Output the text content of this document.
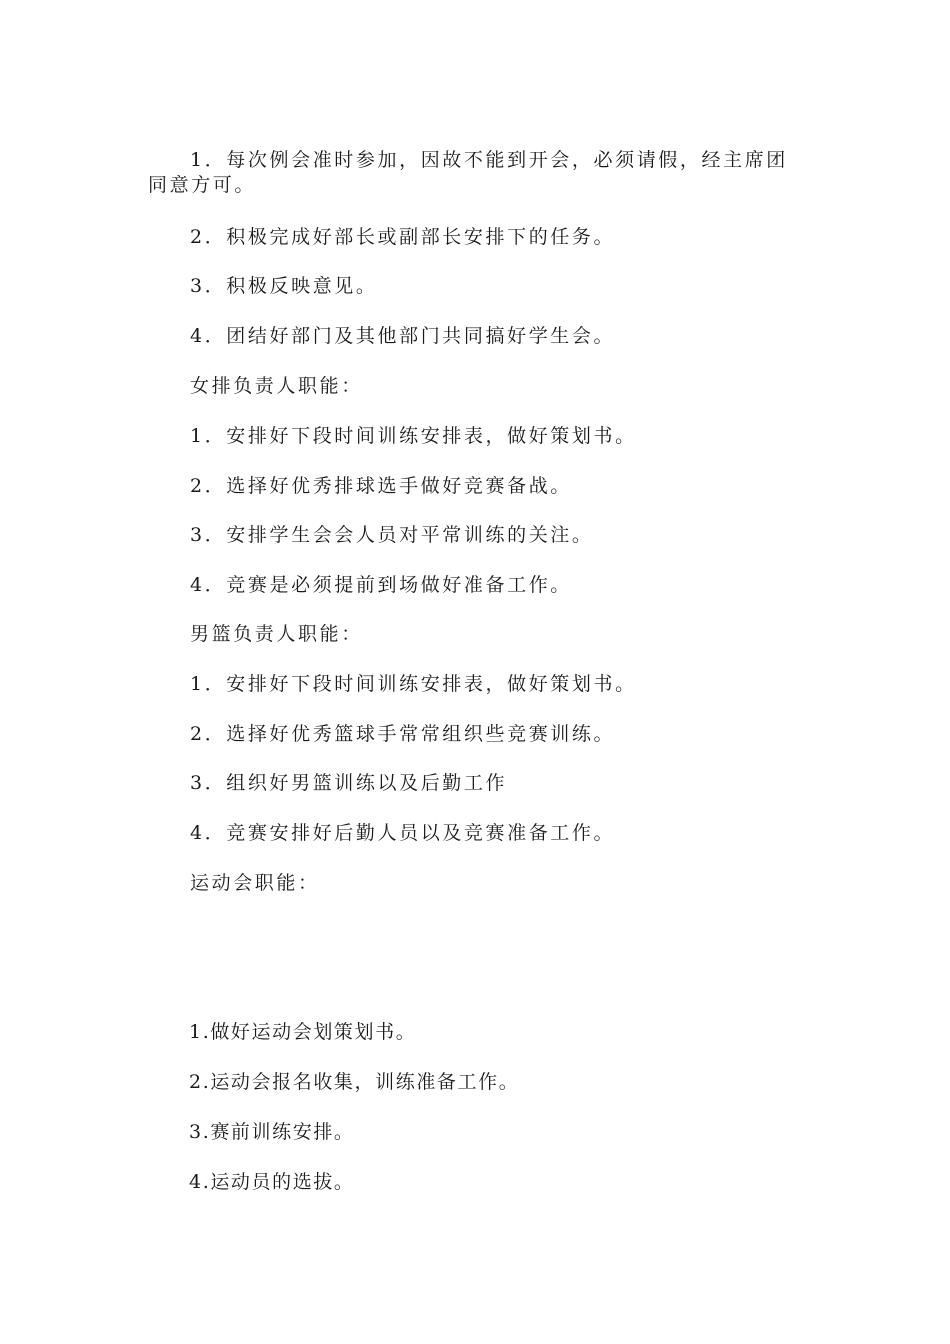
1．每次例会准时参加，因故不能到开会，必须请假，经主席团同意方可。
2．积极完成好部长或副部长安排下的任务。
3．积极反映意见。
4．团结好部门及其他部门共同搞好学生会。
女排负责人职能：
1．安排好下段时间训练安排表，做好策划书。
2．选择好优秀排球选手做好竞赛备战。
3．安排学生会会人员对平常训练的关注。
4．竞赛是必须提前到场做好准备工作。
男篮负责人职能：
1．安排好下段时间训练安排表，做好策划书。
2．选择好优秀篮球手常常组织些竞赛训练。
3．组织好男篮训练以及后勤工作
4．竞赛安排好后勤人员以及竞赛准备工作。
运动会职能：
1.做好运动会划策划书。
2.运动会报名收集，训练准备工作。
3.赛前训练安排。
4.运动员的选拔。
